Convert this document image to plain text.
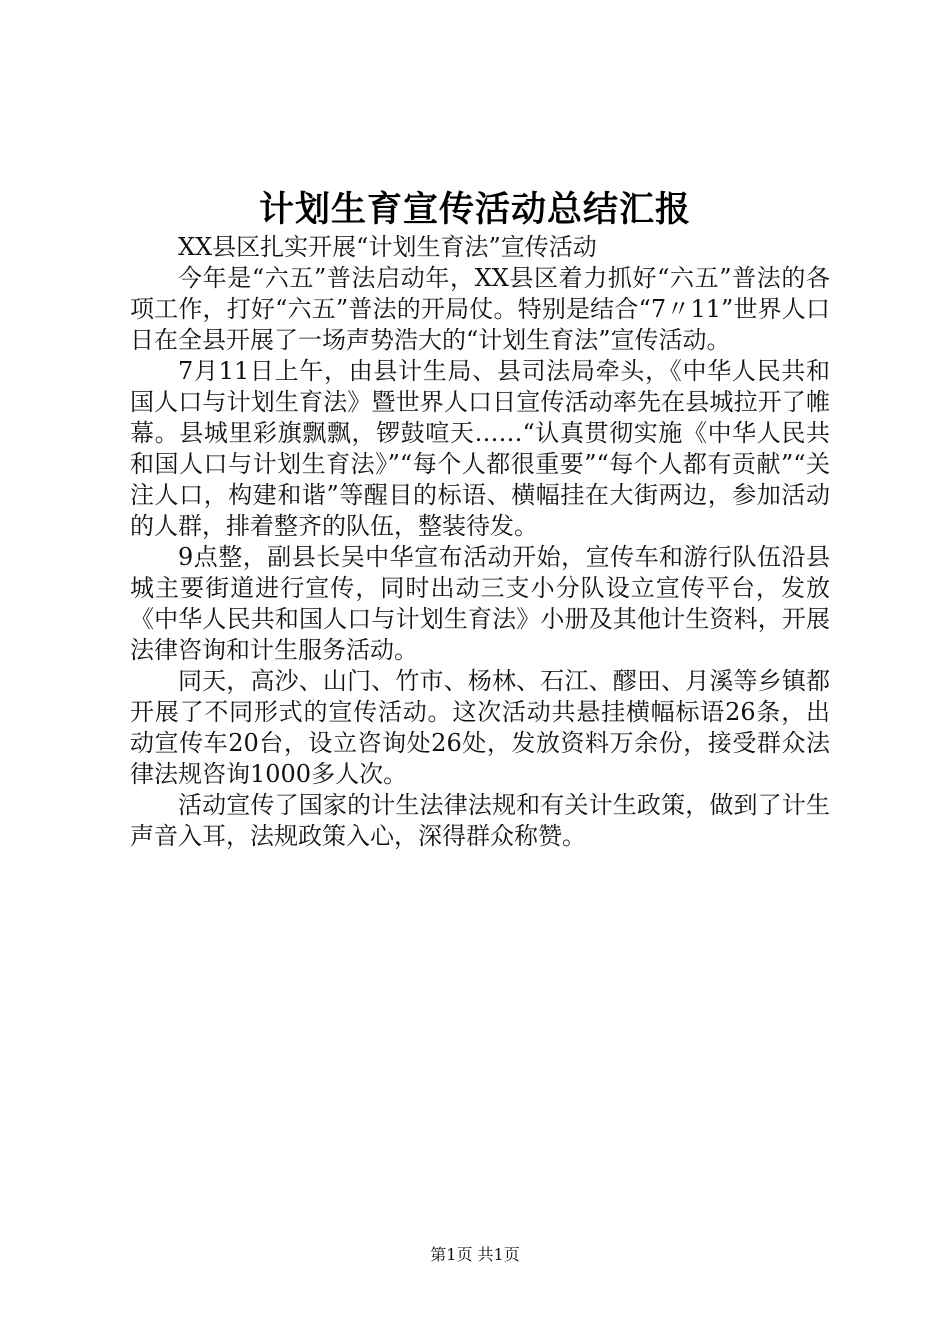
计划生育宣传活动总结汇报

XX县区扎实开展“计划生育法”宣传活动

今年是“六五”普法启动年，XX县区着力抓好“六五”普法的各项工作，打好“六五”普法的开局仗。特别是结合“7〃11”世界人口日在全县开展了一场声势浩大的“计划生育法”宣传活动。

7月11日上午，由县计生局、县司法局牵头，《中华人民共和国人口与计划生育法》暨世界人口日宣传活动率先在县城拉开了帷幕。县城里彩旗飘飘，锣鼓喧天……“认真贯彻实施《中华人民共和国人口与计划生育法》”“每个人都很重要”“每个人都有贡献”“关注人口，构建和谐”等醒目的标语、横幅挂在大街两边，参加活动的人群，排着整齐的队伍，整装待发。

9点整，副县长吴中华宣布活动开始，宣传车和游行队伍沿县城主要街道进行宣传，同时出动三支小分队设立宣传平台，发放《中华人民共和国人口与计划生育法》小册及其他计生资料，开展法律咨询和计生服务活动。

同天，高沙、山门、竹市、杨林、石江、醪田、月溪等乡镇都开展了不同形式的宣传活动。这次活动共悬挂横幅标语26条，出动宣传车20台，设立咨询处26处，发放资料万余份，接受群众法律法规咨询1000多人次。

活动宣传了国家的计生法律法规和有关计生政策，做到了计生声音入耳，法规政策入心，深得群众称赞。

第1页 共1页
